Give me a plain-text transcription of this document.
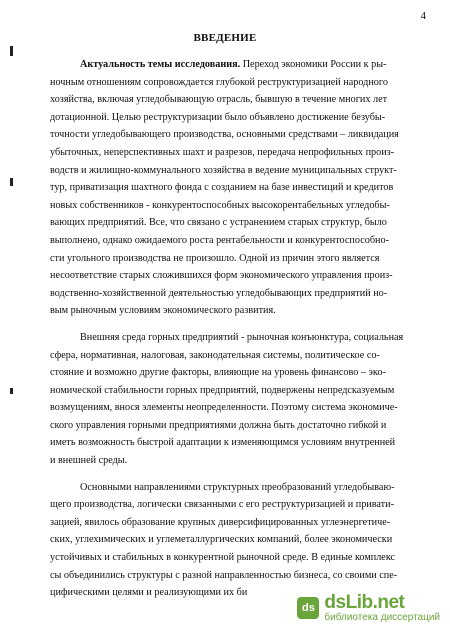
4
ВВЕДЕНИЕ
Актуальность темы исследования. Переход экономики России к ры-
ночным отношениям сопровождается глубокой реструктуризацией народного
хозяйства, включая угледобывающую отрасль, бывшую в течение многих лет
дотационной. Целью реструктуризации было объявлено достижение безубы-
точности угледобывающего производства, основными средствами – ликвидация
убыточных, неперспективных шахт и разрезов, передача непрофильных произ-
водств и жилищно-коммунального хозяйства в ведение муниципальных структ-
тур, приватизация шахтного фонда с созданием на базе инвестиций и кредитов
новых собственников - конкурентоспособных высокорентабельных угледобы-
вающих предприятий. Все, что связано с устранением старых структур, было
выполнено, однако ожидаемого роста рентабельности и конкурентоспособно-
сти угольного производства не произошло. Одной из причин этого является
несоответствие старых сложившихся форм экономического управления произ-
водственно-хозяйственной деятельностью угледобывающих предприятий но-
вым рыночным условиям экономического развития.
Внешняя среда горных предприятий - рыночная конъюнктура, социальная
сфера, нормативная, налоговая, законодательная системы, политическое со-
стояние и возможно другие факторы, влияющие на уровень финансово – эко-
номической стабильности горных предприятий, подвержены непредсказуемым
возмущениям, внося элементы неопределенности. Поэтому система экономиче-
ского управления горными предприятиями должна быть достаточно гибкой и
иметь возможность быстрой адаптации к изменяющимся условиям внутренней
и внешней среды.
Основными направлениями структурных преобразований угледобываю-
щего производства, логически связанными с его реструктуризацией и привати-
зацией, явилось образование крупных диверсифицированных углеэнергетиче-
ских, углехимических и углеметаллургических компаний, более экономически
устойчивых и стабильных в конкурентной рыночной среде. В единые комплекс
сы объединились структуры с разной направленностью бизнеса, со своими спе-
цифическими целями и реализующими их би
ds dsLib.net
библиотека диссертаций
